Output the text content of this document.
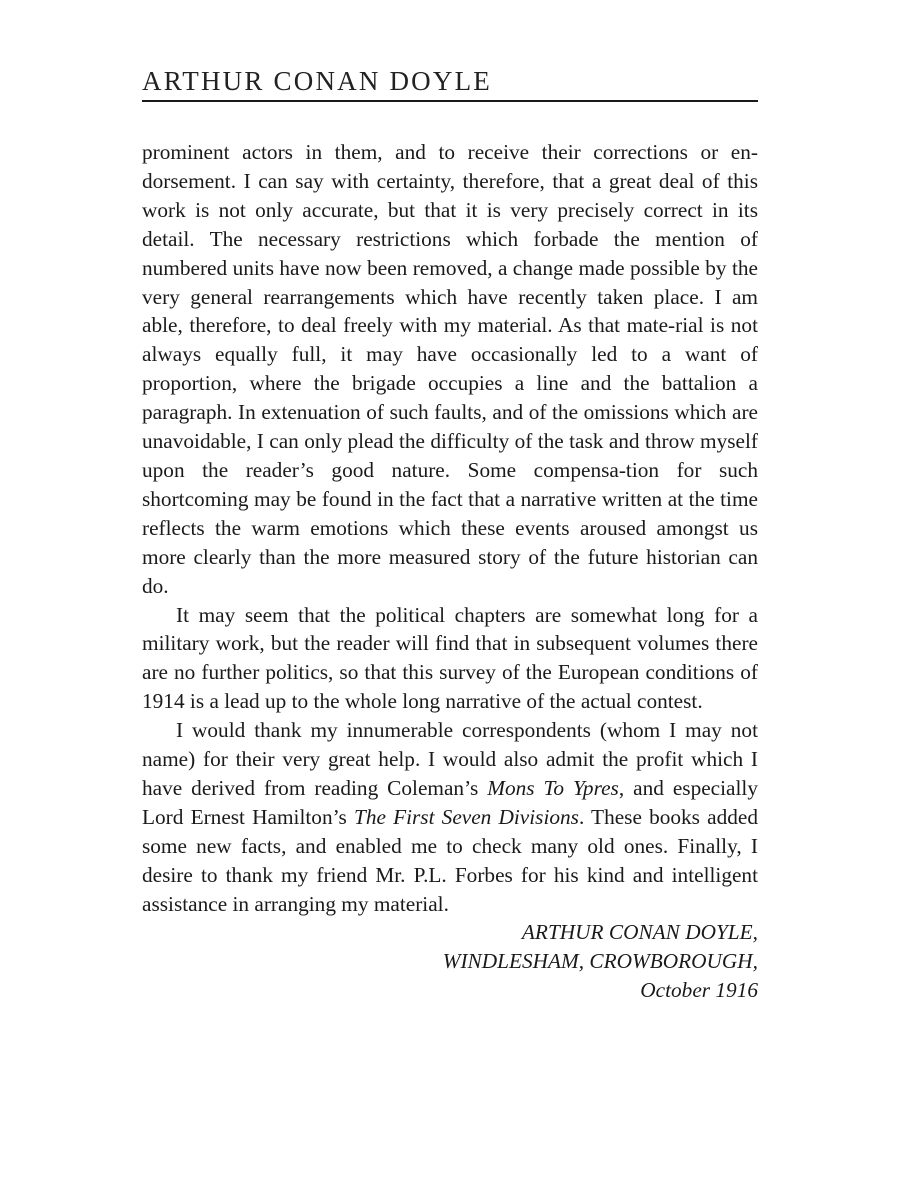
ARTHUR CONAN DOYLE

prominent actors in them, and to receive their corrections or en-dorsement. I can say with certainty, therefore, that a great deal of this work is not only accurate, but that it is very precisely correct in its detail. The necessary restrictions which forbade the mention of numbered units have now been removed, a change made possible by the very general rearrangements which have recently taken place. I am able, therefore, to deal freely with my material. As that mate-rial is not always equally full, it may have occasionally led to a want of proportion, where the brigade occupies a line and the battalion a paragraph. In extenuation of such faults, and of the omissions which are unavoidable, I can only plead the difficulty of the task and throw myself upon the reader’s good nature. Some compensa-tion for such shortcoming may be found in the fact that a narrative written at the time reflects the warm emotions which these events aroused amongst us more clearly than the more measured story of the future historian can do.

It may seem that the political chapters are somewhat long for a military work, but the reader will find that in subsequent volumes there are no further politics, so that this survey of the European conditions of 1914 is a lead up to the whole long narrative of the actual contest.

I would thank my innumerable correspondents (whom I may not name) for their very great help. I would also admit the profit which I have derived from reading Coleman’s Mons To Ypres, and especially Lord Ernest Hamilton’s The First Seven Divisions. These books added some new facts, and enabled me to check many old ones. Finally, I desire to thank my friend Mr. P.L. Forbes for his kind and intelligent assistance in arranging my material.

ARTHUR CONAN DOYLE,
WINDLESHAM, CROWBOROUGH,
October 1916
